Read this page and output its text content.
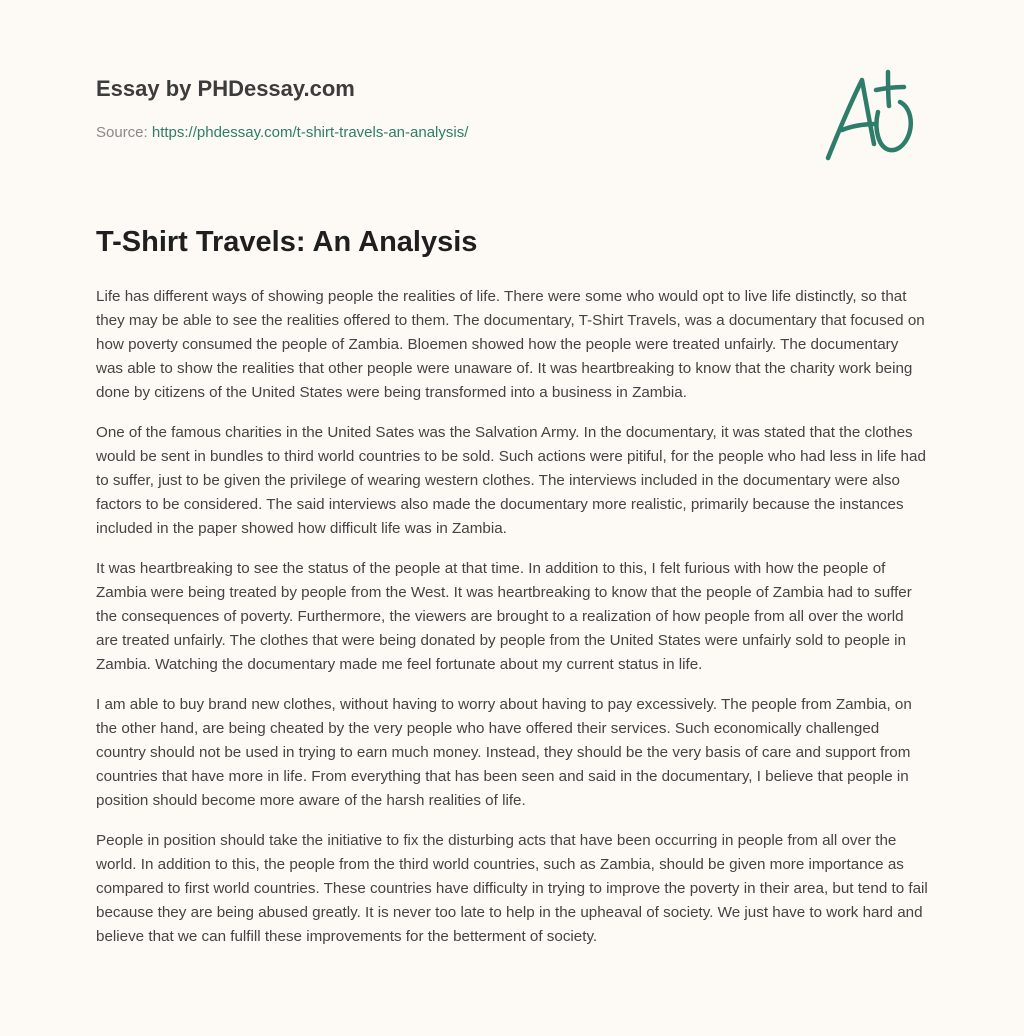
Essay by PHDessay.com
Source: https://phdessay.com/t-shirt-travels-an-analysis/
T-Shirt Travels: An Analysis

Life has different ways of showing people the realities of life. There were some who would opt to live life distinctly, so that they may be able to see the realities offered to them. The documentary, T-Shirt Travels, was a documentary that focused on how poverty consumed the people of Zambia. Bloemen showed how the people were treated unfairly. The documentary was able to show the realities that other people were unaware of. It was heartbreaking to know that the charity work being done by citizens of the United States were being transformed into a business in Zambia.

One of the famous charities in the United Sates was the Salvation Army. In the documentary, it was stated that the clothes would be sent in bundles to third world countries to be sold. Such actions were pitiful, for the people who had less in life had to suffer, just to be given the privilege of wearing western clothes. The interviews included in the documentary were also factors to be considered. The said interviews also made the documentary more realistic, primarily because the instances included in the paper showed how difficult life was in Zambia.

It was heartbreaking to see the status of the people at that time. In addition to this, I felt furious with how the people of Zambia were being treated by people from the West. It was heartbreaking to know that the people of Zambia had to suffer the consequences of poverty. Furthermore, the viewers are brought to a realization of how people from all over the world are treated unfairly. The clothes that were being donated by people from the United States were unfairly sold to people in Zambia. Watching the documentary made me feel fortunate about my current status in life.

I am able to buy brand new clothes, without having to worry about having to pay excessively. The people from Zambia, on the other hand, are being cheated by the very people who have offered their services. Such economically challenged country should not be used in trying to earn much money. Instead, they should be the very basis of care and support from countries that have more in life. From everything that has been seen and said in the documentary, I believe that people in position should become more aware of the harsh realities of life.

People in position should take the initiative to fix the disturbing acts that have been occurring in people from all over the world. In addition to this, the people from the third world countries, such as Zambia, should be given more importance as compared to first world countries. These countries have difficulty in trying to improve the poverty in their area, but tend to fail because they are being abused greatly. It is never too late to help in the upheaval of society. We just have to work hard and believe that we can fulfill these improvements for the betterment of society.
